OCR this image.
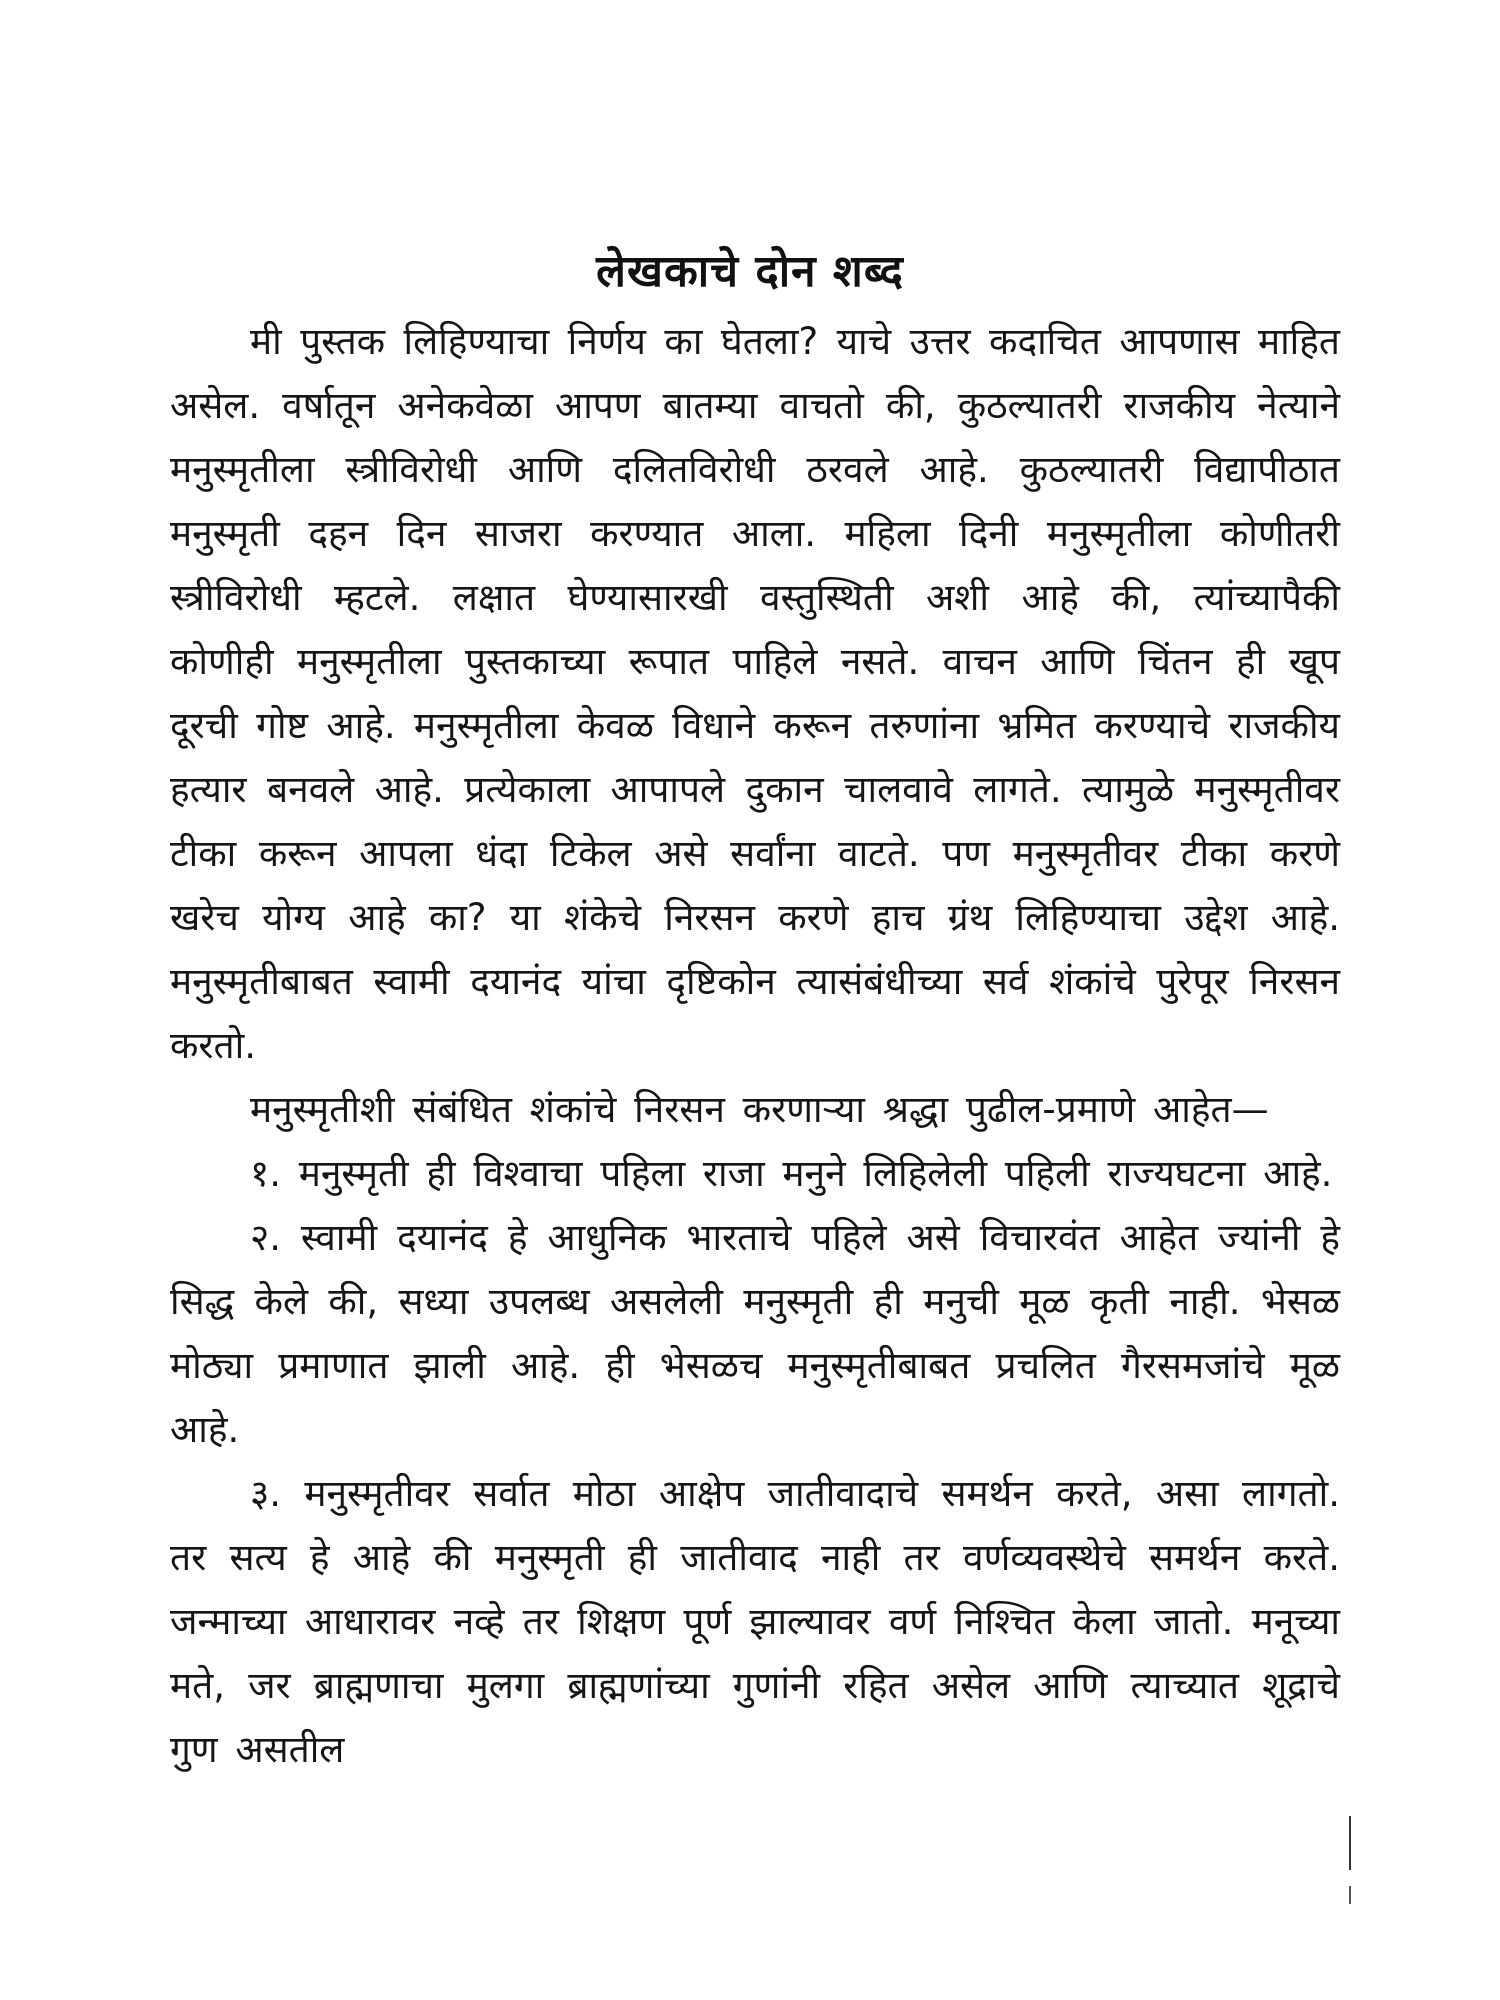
लेखकाचे दोन शब्द

मी पुस्तक लिहिण्याचा निर्णय का घेतला? याचे उत्तर कदाचित आपणास माहित असेल. वर्षातून अनेकवेळा आपण बातम्या वाचतो की, कुठल्यातरी राजकीय नेत्याने मनुस्मृतीला स्त्रीविरोधी आणि दलितविरोधी ठरवले आहे. कुठल्यातरी विद्यापीठात मनुस्मृती दहन दिन साजरा करण्यात आला. महिला दिनी मनुस्मृतीला कोणीतरी स्त्रीविरोधी म्हटले. लक्षात घेण्यासारखी वस्तुस्थिती अशी आहे की, त्यांच्यापैकी कोणीही मनुस्मृतीला पुस्तकाच्या रूपात पाहिले नसते. वाचन आणि चिंतन ही खूप दूरची गोष्ट आहे. मनुस्मृतीला केवळ विधाने करून तरुणांना भ्रमित करण्याचे राजकीय हत्यार बनवले आहे. प्रत्येकाला आपापले दुकान चालवावे लागते. त्यामुळे मनुस्मृतीवर टीका करून आपला धंदा टिकेल असे सर्वांना वाटते. पण मनुस्मृतीवर टीका करणे खरेच योग्य आहे का? या शंकेचे निरसन करणे हाच ग्रंथ लिहिण्याचा उद्देश आहे. मनुस्मृतीबाबत स्वामी दयानंद यांचा दृष्टिकोन त्यासंबंधीच्या सर्व शंकांचे पुरेपूर निरसन करतो.

मनुस्मृतीशी संबंधित शंकांचे निरसन करणाऱ्या श्रद्धा पुढील-प्रमाणे आहेत—

१. मनुस्मृती ही विश्वाचा पहिला राजा मनुने लिहिलेली पहिली राज्यघटना आहे.

२. स्वामी दयानंद हे आधुनिक भारताचे पहिले असे विचारवंत आहेत ज्यांनी हे सिद्ध केले की, सध्या उपलब्ध असलेली मनुस्मृती ही मनुची मूळ कृती नाही. भेसळ मोठ्या प्रमाणात झाली आहे. ही भेसळच मनुस्मृतीबाबत प्रचलित गैरसमजांचे मूळ आहे.

३. मनुस्मृतीवर सर्वात मोठा आक्षेप जातीवादाचे समर्थन करते, असा लागतो. तर सत्य हे आहे की मनुस्मृती ही जातीवाद नाही तर वर्णव्यवस्थेचे समर्थन करते. जन्माच्या आधारावर नव्हे तर शिक्षण पूर्ण झाल्यावर वर्ण निश्चित केला जातो. मनूच्या मते, जर ब्राह्मणाचा मुलगा ब्राह्मणांच्या गुणांनी रहित असेल आणि त्याच्यात शूद्राचे गुण असतील
